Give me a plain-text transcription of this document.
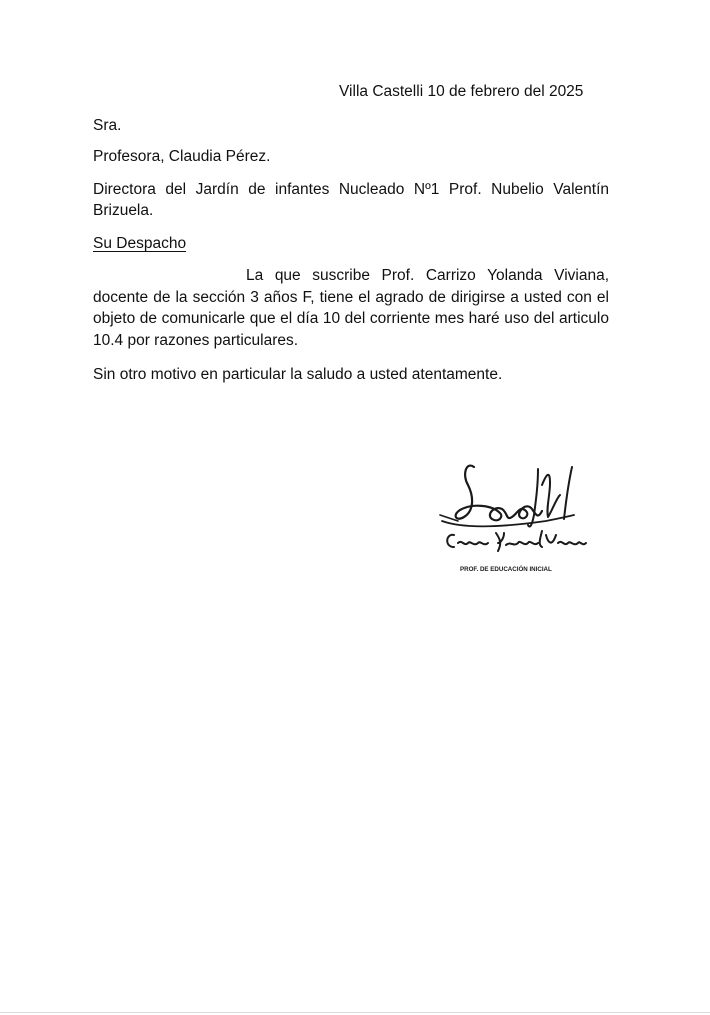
Villa Castelli 10 de febrero del 2025
Sra.
Profesora, Claudia Pérez.
Directora del Jardín de infantes Nucleado Nº1 Prof. Nubelio Valentín Brizuela.
Su Despacho
La que suscribe Prof. Carrizo Yolanda Viviana, docente de la sección 3 años F, tiene el agrado de dirigirse a usted con el objeto de comunicarle que el día 10 del corriente mes haré uso del articulo 10.4 por razones particulares.
Sin otro motivo en particular la saludo a usted atentamente.
PROF. DE EDUCACIÓN INICIAL
